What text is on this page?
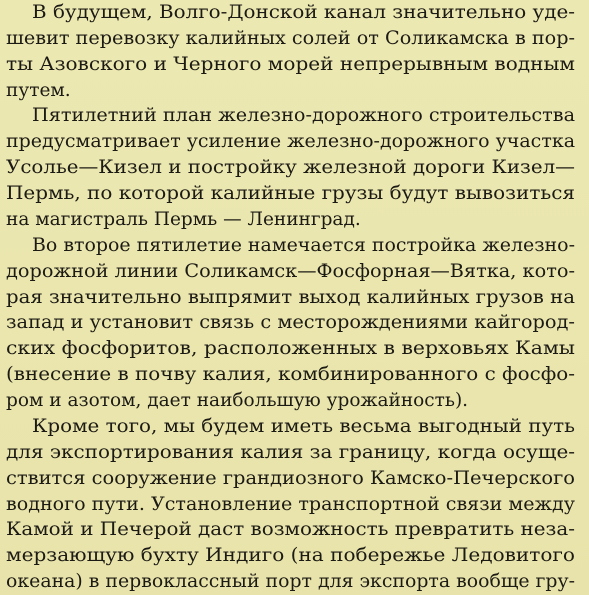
В будущем, Волго-Донской канал значительно уде-
шевит перевозку калийных солей от Соликамска в пор-
ты Азовского и Черного морей непрерывным водным
путем.
Пятилетний план железно-дорожного строительства
предусматривает усиление железно-дорожного участка
Усолье—Кизел и постройку железной дороги Кизел—
Пермь, по которой калийные грузы будут вывозиться
на магистраль Пермь — Ленинград.
Во второе пятилетие намечается постройка железно-
дорожной линии Соликамск—Фосфорная—Вятка, кото-
рая значительно выпрямит выход калийных грузов на
запад и установит связь с месторождениями кайгород-
ских фосфоритов, расположенных в верховьях Камы
(внесение в почву калия, комбинированного с фосфо-
ром и азотом, дает наибольшую урожайность).
Кроме того, мы будем иметь весьма выгодный путь
для экспортирования калия за границу, когда осуще-
ствится сооружение грандиозного Камско-Печерского
водного пути. Установление транспортной связи между
Камой и Печерой даст возможность превратить неза-
мерзающую бухту Индиго (на побережье Ледовитого
океана) в первоклассный порт для экспорта вообще гру-
